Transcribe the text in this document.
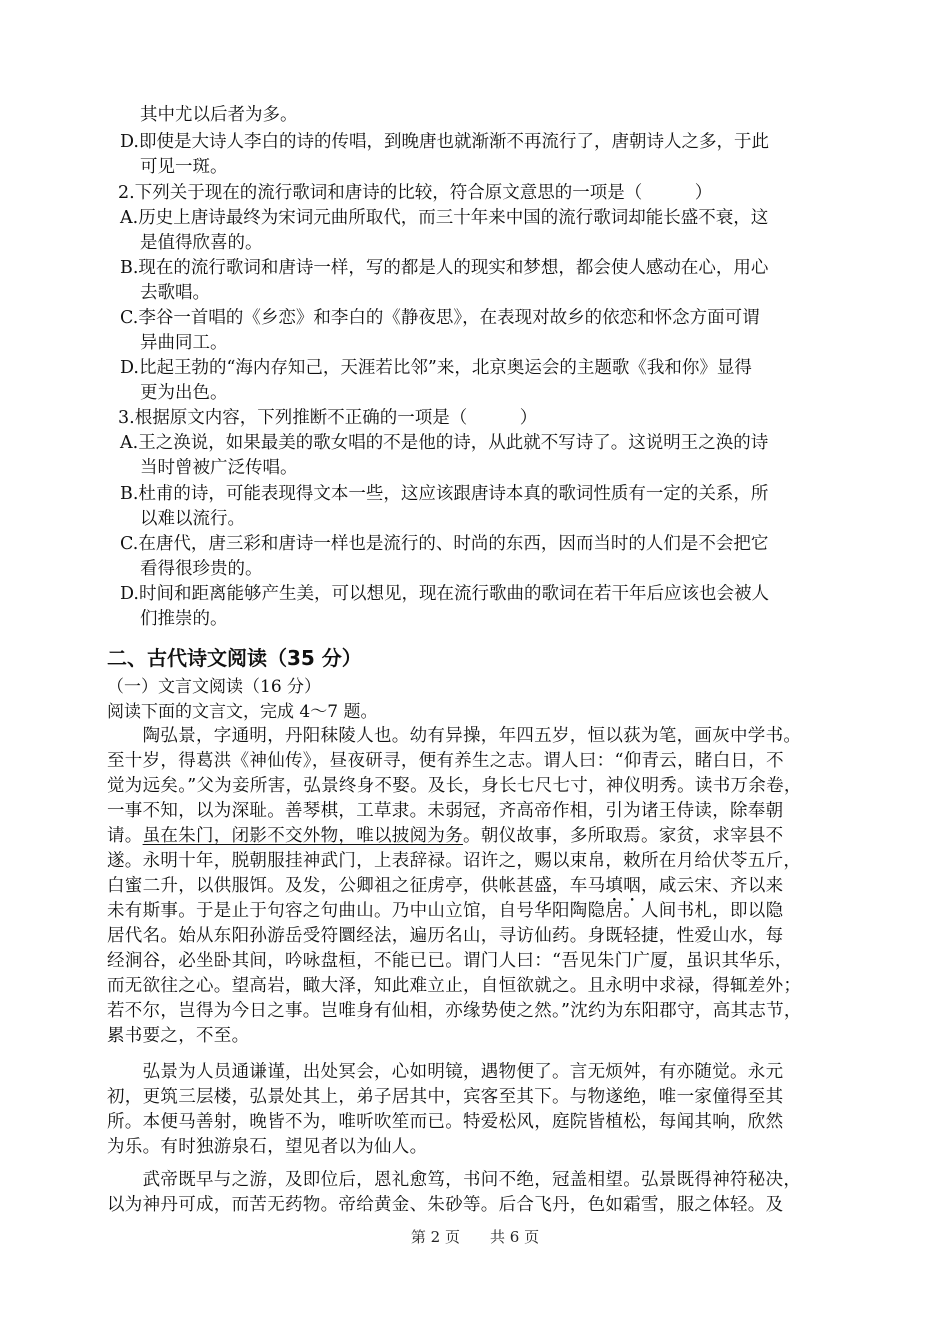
其中尤以后者为多。
D.即使是大诗人李白的诗的传唱，到晚唐也就渐渐不再流行了，唐朝诗人之多，于此
可见一斑。
2.下列关于现在的流行歌词和唐诗的比较，符合原文意思的一项是（　　　）
A.历史上唐诗最终为宋词元曲所取代，而三十年来中国的流行歌词却能长盛不衰，这
是值得欣喜的。
B.现在的流行歌词和唐诗一样，写的都是人的现实和梦想，都会使人感动在心，用心
去歌唱。
C.李谷一首唱的《乡恋》和李白的《静夜思》，在表现对故乡的依恋和怀念方面可谓
异曲同工。
D.比起王勃的“海内存知己，天涯若比邻”来，北京奥运会的主题歌《我和你》显得
更为出色。
3.根据原文内容，下列推断不正确的一项是（　　　）
A.王之涣说，如果最美的歌女唱的不是他的诗，从此就不写诗了。这说明王之涣的诗
当时曾被广泛传唱。
B.杜甫的诗，可能表现得文本一些，这应该跟唐诗本真的歌词性质有一定的关系，所
以难以流行。
C.在唐代，唐三彩和唐诗一样也是流行的、时尚的东西，因而当时的人们是不会把它
看得很珍贵的。
D.时间和距离能够产生美，可以想见，现在流行歌曲的歌词在若干年后应该也会被人
们推崇的。
二、古代诗文阅读（35 分）
（一）文言文阅读（16 分）
阅读下面的文言文，完成 4～7 题。
　　陶弘景，字通明，丹阳秣陵人也。幼有异操，年四五岁，恒以荻为笔，画灰中学书。
至十岁，得葛洪《神仙传》，昼夜研寻，便有养生之志。谓人曰：“仰青云，睹白日，不
觉为远矣。”父为妾所害，弘景终身不娶。及长，身长七尺七寸，神仪明秀。读书万余卷，
一事不知，以为深耻。善琴棋，工草隶。未弱冠，齐高帝作相，引为诸王侍读，除奉朝
请。虽在朱门，闭影不交外物，唯以披阅为务。朝仪故事，多所取焉。家贫，求宰县不
遂。永明十年，脱朝服挂神武门，上表辞禄。诏许之，赐以束帛，敕所在月给伏苓五斤，
白蜜二升，以供服饵。及发，公卿祖之征虏亭，供帐甚盛，车马填咽，咸云宋、齐以来
未有斯事。于是止于句容之句曲山。乃中山立馆，自号华阳陶隐居。人间书札，即以隐
居代名。始从东阳孙游岳受符圜经法，遍历名山，寻访仙药。身既轻捷，性爱山水，每
经涧谷，必坐卧其间，吟咏盘桓，不能已已。谓门人曰：“吾见朱门广厦，虽识其华乐，
而无欲往之心。望高岩，瞰大泽，知此难立止，自恒欲就之。且永明中求禄，得辄差外；
若不尔，岂得为今日之事。岂唯身有仙相，亦缘势使之然。”沈约为东阳郡守，高其志节，
累书要之，不至。
　　弘景为人员通谦谨，出处冥会，心如明镜，遇物便了。言无烦舛，有亦随觉。永元
初，更筑三层楼，弘景处其上，弟子居其中，宾客至其下。与物遂绝，唯一家僮得至其
所。本便马善射，晚皆不为，唯听吹笙而已。特爱松风，庭院皆植松，每闻其响，欣然
为乐。有时独游泉石，望见者以为仙人。
　　武帝既早与之游，及即位后，恩礼愈笃，书问不绝，冠盖相望。弘景既得神符秘决，
以为神丹可成，而苦无药物。帝给黄金、朱砂等。后合飞丹，色如霜雪，服之体轻。及
第 2 页　　共 6 页
